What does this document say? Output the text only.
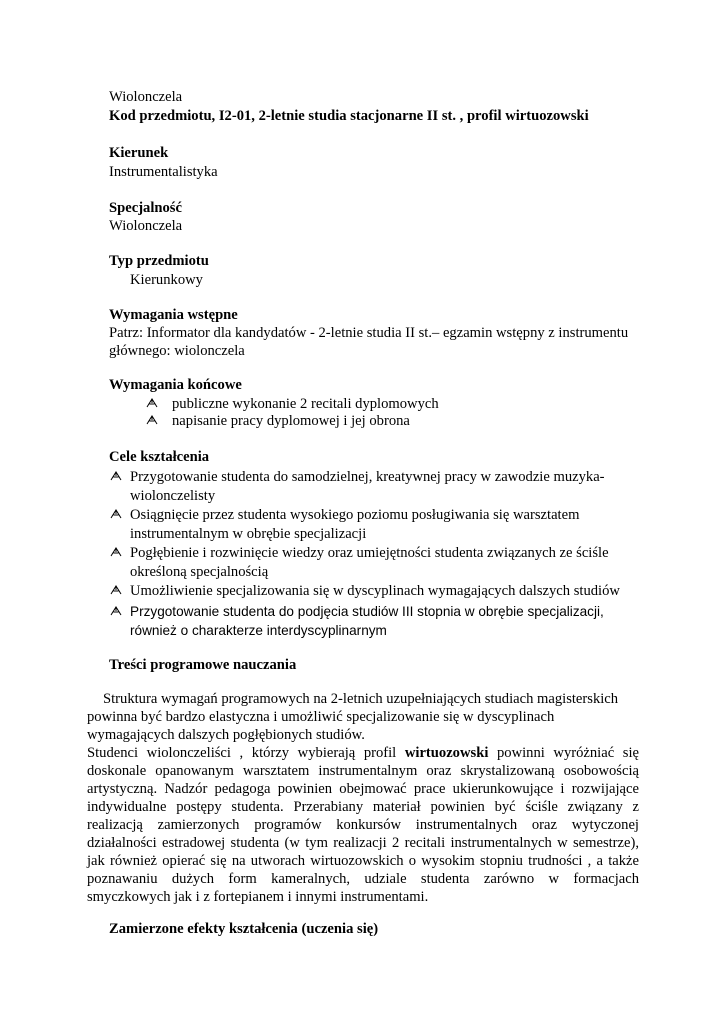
Wiolonczela
Kod przedmiotu, I2-01, 2-letnie studia stacjonarne II st. , profil wirtuozowski
Kierunek
Instrumentalistyka
Specjalność
Wiolonczela
Typ przedmiotu
Kierunkowy
Wymagania wstępne
Patrz: Informator dla kandydatów - 2-letnie studia II st.– egzamin wstępny z instrumentu
głównego: wiolonczela
Wymagania końcowe
publiczne wykonanie 2 recitali dyplomowych
napisanie pracy dyplomowej i jej obrona
Cele kształcenia
Przygotowanie studenta do samodzielnej, kreatywnej pracy w zawodzie muzyka-
wiolonczelisty
Osiągnięcie przez studenta wysokiego poziomu posługiwania się warsztatem
instrumentalnym w obrębie specjalizacji
Pogłębienie i rozwinięcie wiedzy oraz umiejętności studenta związanych ze ściśle
określoną specjalnością
Umożliwienie specjalizowania się w dyscyplinach wymagających dalszych studiów
Przygotowanie studenta do podjęcia studiów III stopnia w obrębie specjalizacji,
również o charakterze interdyscyplinarnym
Treści programowe nauczania
Struktura wymagań programowych na 2-letnich uzupełniających studiach magisterskich
powinna być bardzo elastyczna i umożliwić specjalizowanie się w dyscyplinach
wymagających dalszych pogłębionych studiów.
Studenci wiolonczeliści , którzy wybierają profil wirtuozowski powinni wyróżniać się
doskonale opanowanym warsztatem instrumentalnym oraz skrystalizowaną osobowością
artystyczną. Nadzór pedagoga powinien obejmować prace ukierunkowujące i rozwijające
indywidualne postępy studenta. Przerabiany materiał powinien być ściśle związany z
realizacją zamierzonych programów konkursów instrumentalnych oraz wytyczonej
działalności estradowej studenta (w tym realizacji 2 recitali instrumentalnych w semestrze),
jak również opierać się na utworach wirtuozowskich o wysokim stopniu trudności , a także
poznawaniu dużych form kameralnych, udziale studenta zarówno w formacjach
smyczkowych jak i z fortepianem i innymi instrumentami.
Zamierzone efekty kształcenia (uczenia się)
